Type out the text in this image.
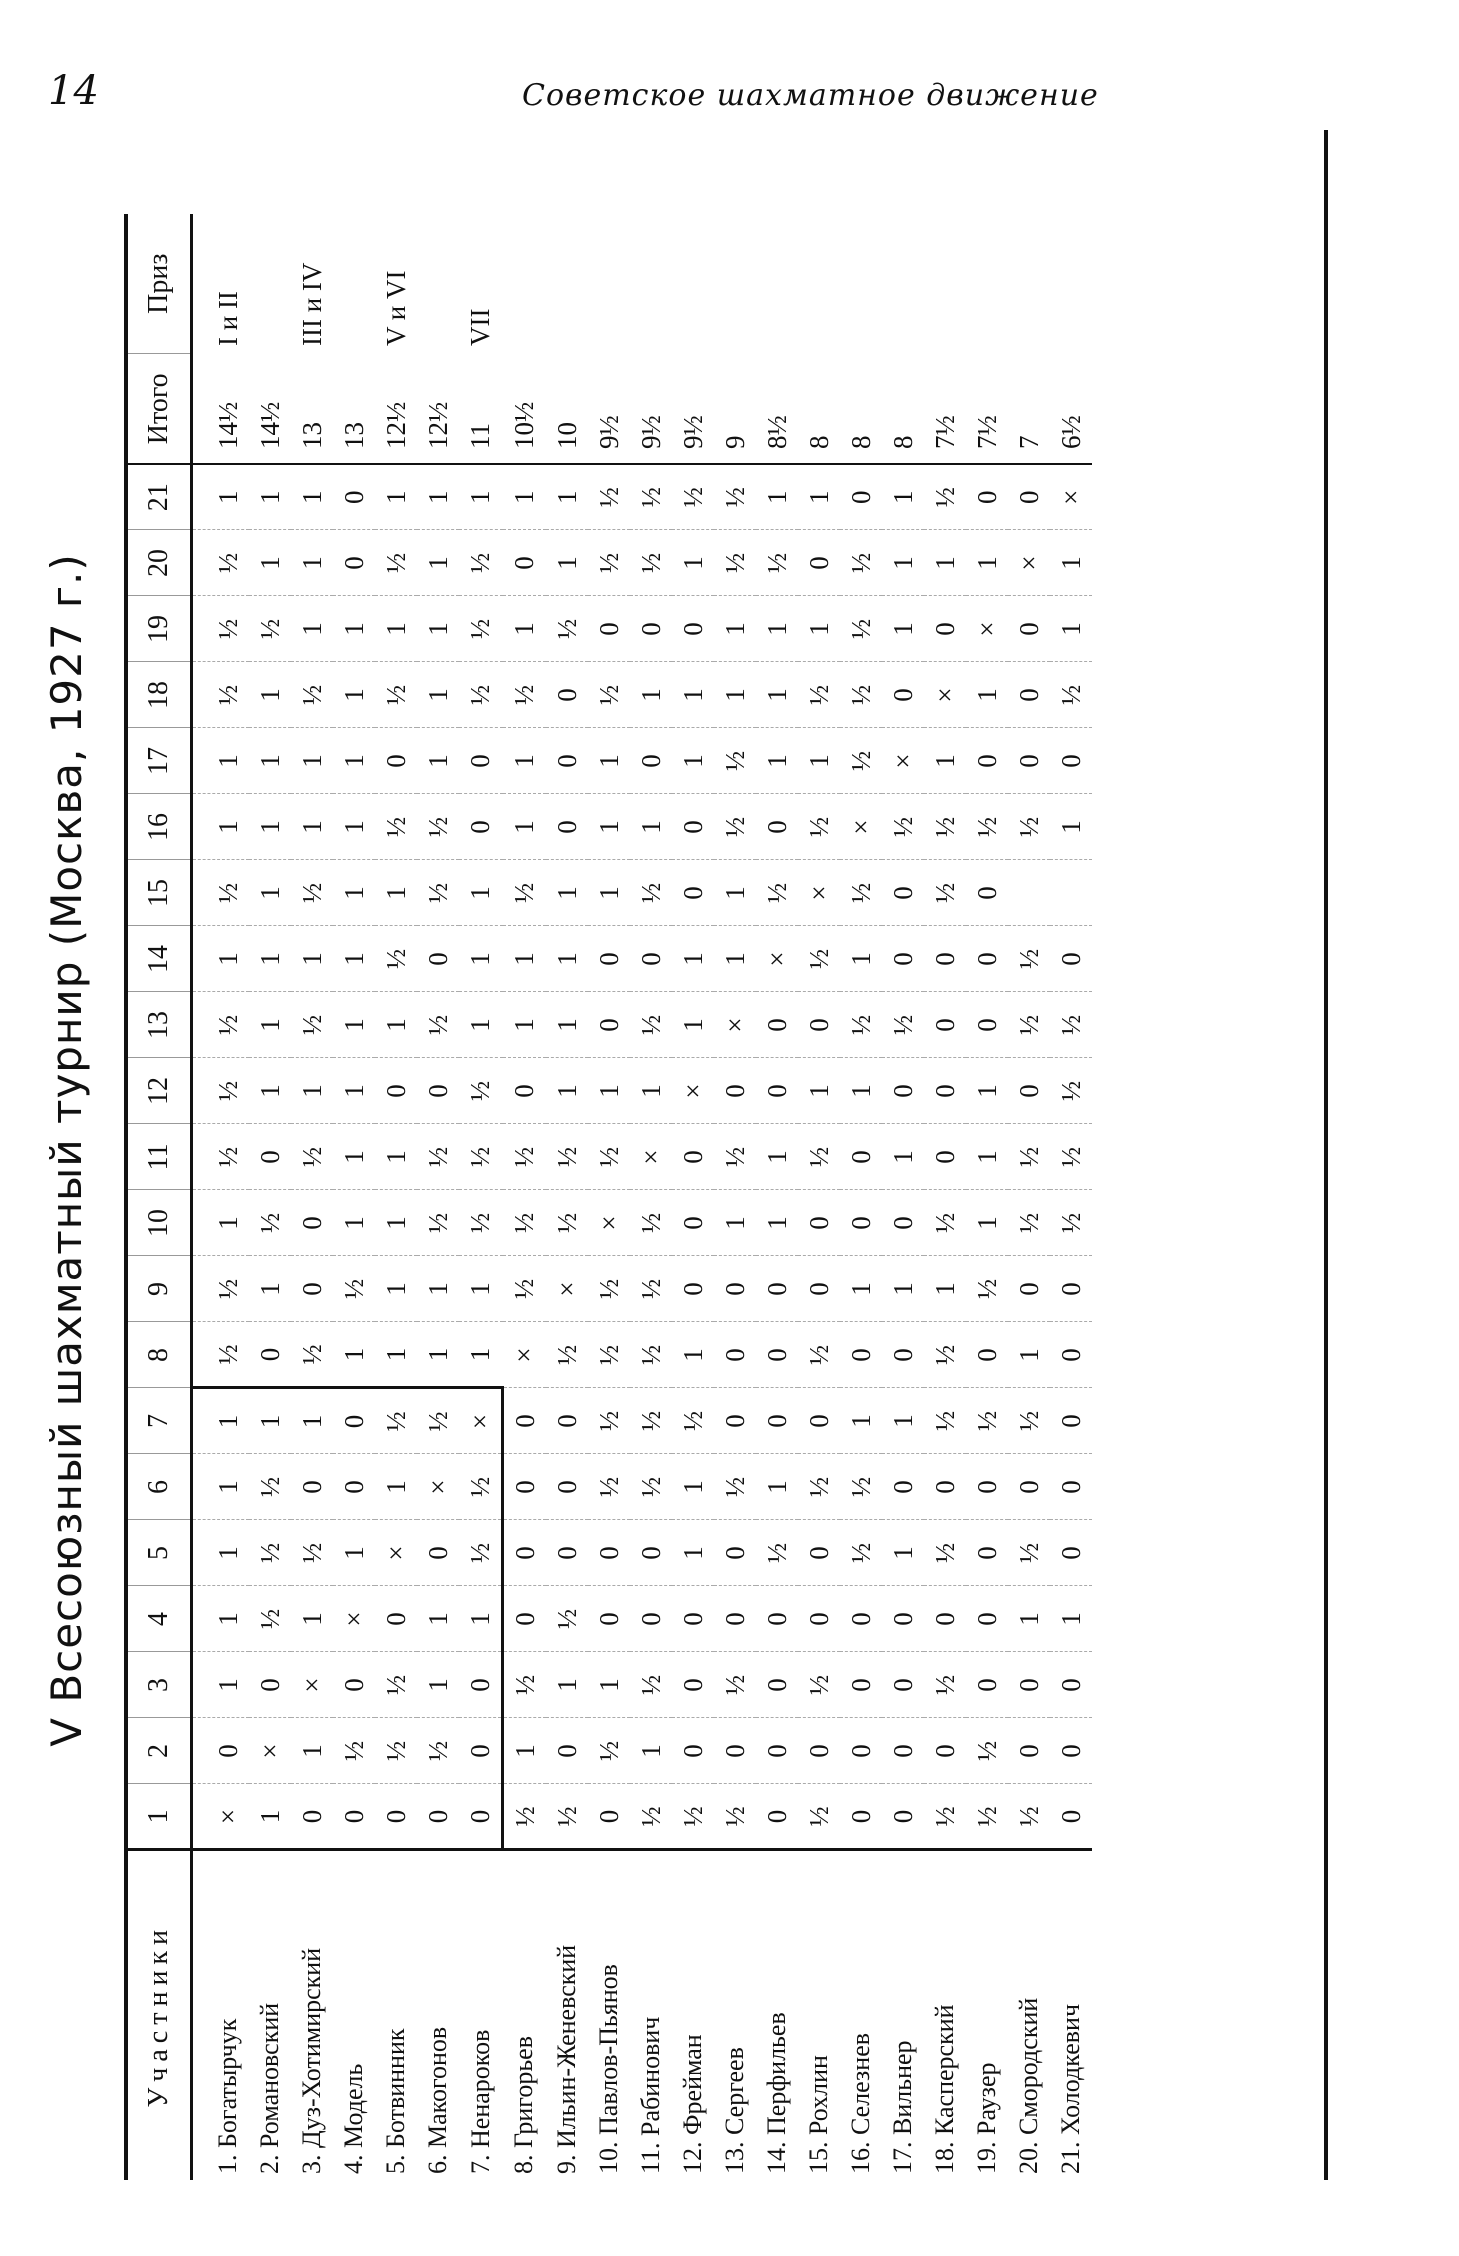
14	Советское шахматное движение
V Всесоюзный шахматный турнир (Москва, 1927 г.)
Участники	1	2	3	4	5	6	7	8	9	10	11	12	13	14	15	16	17	18	19	20	21	Итого	Приз
1. Богатырчук	×	0	1	1	1	1	1	½	½	1	½	½	½	1	½	1	1	½	½	½	1	14½	I и II
2. Романовский	1	×	0	½	½	½	1	0	1	½	0	1	1	1	1	1	1	1	½	1	1	14½	
3. Дуз-Хотимирский	0	1	×	1	½	0	1	½	0	0	½	1	½	1	½	1	1	½	1	1	1	13	III и IV
4. Модель	0	½	0	×	1	0	0	1	½	1	1	1	1	1	1	1	1	1	1	0	0	13	
5. Ботвинник	0	½	½	0	×	1	½	1	1	1	1	0	1	½	1	½	0	½	1	½	1	12½	V и VI
6. Макогонов	0	½	1	1	0	×	½	1	1	½	½	0	½	0	½	½	1	1	1	1	1	12½	
7. Ненароков	0	0	0	1	½	½	×	1	1	½	½	½	1	1	1	0	0	½	½	½	1	11	VII
8. Григорьев	½	1	½	0	0	0	0	×	½	½	½	0	1	1	½	1	1	½	1	0	1	10½	
9. Ильин-Женевский	½	0	1	½	0	0	0	½	×	½	½	1	1	1	1	0	0	0	½	1	1	10	
10. Павлов-Пьянов	0	½	1	0	0	½	½	½	½	×	½	1	0	0	1	1	1	½	0	½	½	9½	
11. Рабинович	½	1	½	0	0	½	½	½	½	½	×	1	½	0	½	1	0	1	0	½	½	9½	
12. Фрейман	½	0	0	0	1	1	½	1	0	0	0	×	1	1	0	0	1	1	0	1	½	9½	
13. Сергеев	½	0	½	0	0	½	0	0	0	1	½	0	×	1	1	½	½	1	1	½	½	9	
14. Перфильев	0	0	0	0	½	1	0	0	0	1	1	0	0	×	½	0	1	1	1	½	1	8½	
15. Рохлин	½	0	½	0	0	½	0	½	0	0	½	1	0	½	×	½	1	½	1	0	1	8	
16. Селезнев	0	0	0	0	½	½	1	0	1	0	0	1	½	1	½	×	½	½	½	½	0	8	
17. Вильнер	0	0	0	0	1	0	1	0	1	0	1	0	½	0	0	½	×	0	1	1	1	8	
18. Касперский	½	0	½	0	½	0	½	½	1	½	0	0	0	0	½	½	1	×	0	1	½	7½	
19. Раузер	½	½	0	0	0	0	½	0	½	1	1	1	0	0	0	½	0	1	×	1	0	7½	
20. Смородский	½	0	0	1	½	0	½	1	0	½	½	0	½	½		½	0	0	0	×	0	7	
21. Холодкевич	0	0	0	1	0	0	0	0	0	½	½	½	½	0		1	0	½	1	1	×	6½	
